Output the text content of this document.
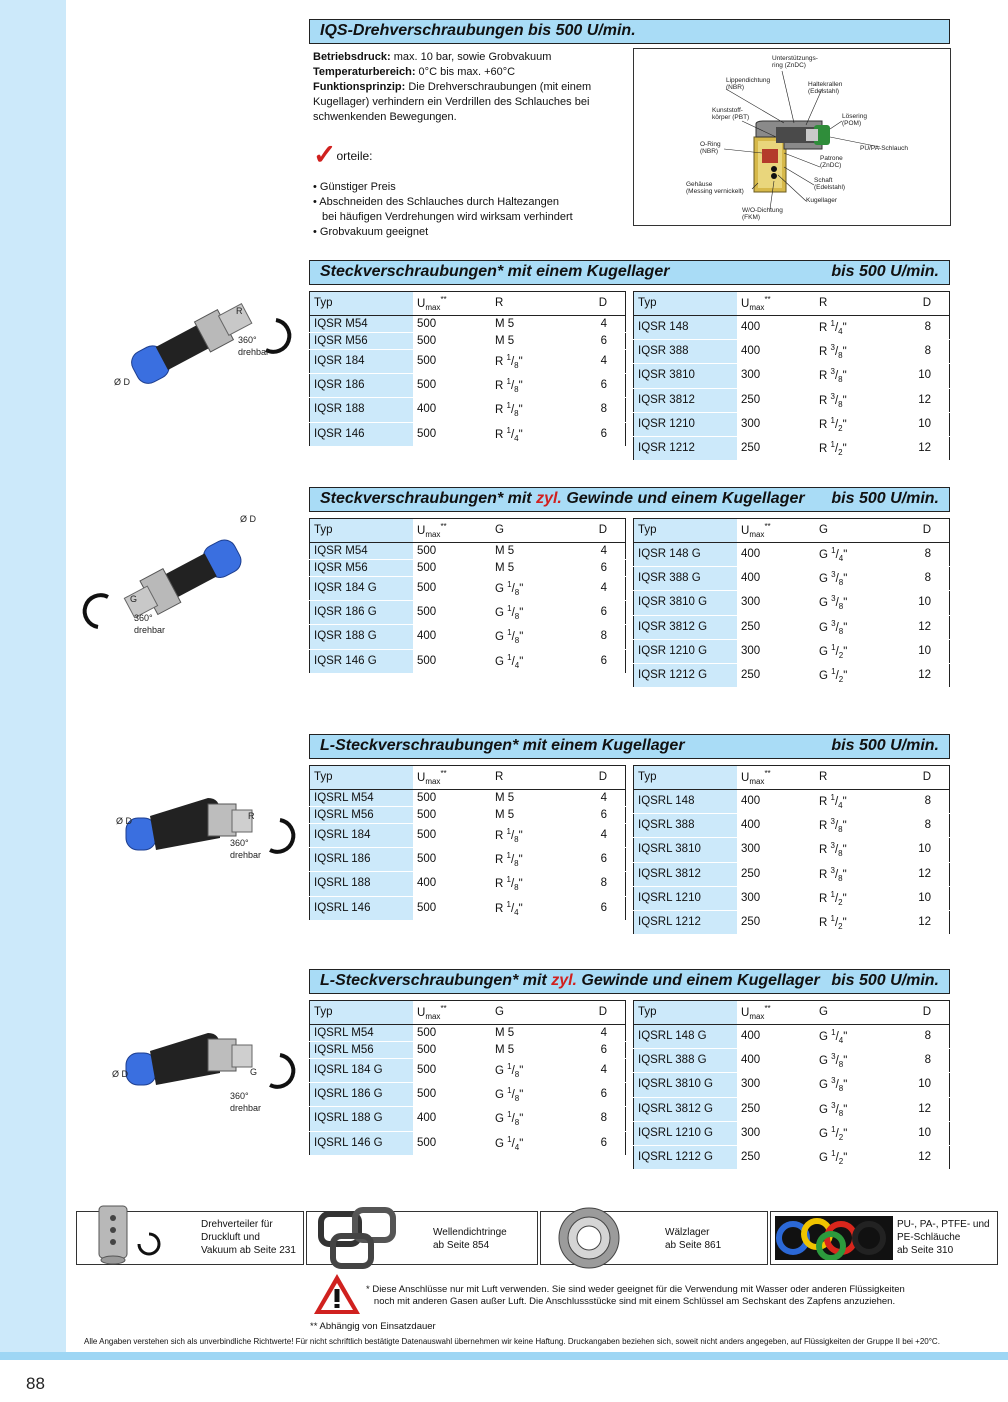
88
IQS-Drehverschraubungen bis 500 U/min.
Betriebsdruck: max. 10 bar, sowie Grobvakuum
Temperaturbereich: 0°C bis max. +60°C
Funktionsprinzip: Die Drehverschraubungen (mit einem Kugellager) verhindern ein Verdrillen des Schlauches bei schwenkenden Bewegungen.
✓orteile:
• Günstiger Preis
• Abschneiden des Schlauches durch Haltezangen
bei häufigen Verdrehungen wird wirksam verhindert
• Grobvakuum geeignet
Unterstützungs-
ring (ZnDC)
Lippendichtung
(NBR)	Haltekrallen
(Edelstahl)
Kunststoff-
körper (PBT)	Lösering
(POM)
O-Ring
(NBR)	PU/PA-Schlauch
Patrone
(ZnDC)
Schaft
(Edelstahl)
Gehäuse
(Messing vernickelt)
Kugellager
W/O-Dichtung
(FKM)
Steckverschraubungen* mit einem Kugellager	bis 500 U/min.
Typ	$U_{max}^{**}$	R	D
IQSR M54	500	M 5	4
IQSR M56	500	M 5	6
IQSR 184	500	R $^1/_8$"	4
IQSR 186	500	R $^1/_8$"	6
IQSR 188	400	R $^1/_8$"	8
IQSR 146	500	R $^1/_4$"	6
Typ	$U_{max}^{**}$	R	D
IQSR 148	400	R $^1/_4$"	8
IQSR 388	400	R $^3/_8$"	8
IQSR 3810	300	R $^3/_8$"	10
IQSR 3812	250	R $^3/_8$"	12
IQSR 1210	300	R $^1/_2$"	10
IQSR 1212	250	R $^1/_2$"	12
Ø D
R
360°
drehbar
Steckverschraubungen* mit zyl. Gewinde und einem Kugellager bis 500 U/min.
Typ	$U_{max}^{**}$	G	D
IQSR M54	500	M 5	4
IQSR M56	500	M 5	6
IQSR 184 G	500	G $^1/_8$"	4
IQSR 186 G	500	G $^1/_8$"	6
IQSR 188 G	400	G $^1/_8$"	8
IQSR 146 G	500	G $^1/_4$"	6
Typ	$U_{max}^{**}$	G	D
IQSR 148 G	400	G $^1/_4$"	8
IQSR 388 G	400	G $^3/_8$"	8
IQSR 3810 G	300	G $^3/_8$"	10
IQSR 3812 G	250	G $^3/_8$"	12
IQSR 1210 G	300	G $^1/_2$"	10
IQSR 1212 G	250	G $^1/_2$"	12
Ø D
G
360°
drehbar
L-Steckverschraubungen* mit einem Kugellager	bis 500 U/min.
Typ	$U_{max}^{**}$	R	D
IQSRL M54	500	M 5	4
IQSRL M56	500	M 5	6
IQSRL 184	500	R $^1/_8$"	4
IQSRL 186	500	R $^1/_8$"	6
IQSRL 188	400	R $^1/_8$"	8
IQSRL 146	500	R $^1/_4$"	6
Typ	$U_{max}^{**}$	R	D
IQSRL 148	400	R $^1/_4$"	8
IQSRL 388	400	R $^3/_8$"	8
IQSRL 3810	300	R $^3/_8$"	10
IQSRL 3812	250	R $^3/_8$"	12
IQSRL 1210	300	R $^1/_2$"	10
IQSRL 1212	250	R $^1/_2$"	12
Ø D	R
360°
drehbar
L-Steckverschraubungen* mit zyl. Gewinde und einem Kugellager bis 500 U/min.
Typ	$U_{max}^{**}$	G	D
IQSRL M54	500	M 5	4
IQSRL M56	500	M 5	6
IQSRL 184 G	500	G $^1/_8$"	4
IQSRL 186 G	500	G $^1/_8$"	6
IQSRL 188 G	400	G $^1/_8$"	8
IQSRL 146 G	500	G $^1/_4$"	6
Typ	$U_{max}^{**}$	G	D
IQSRL 148 G	400	G $^1/_4$"	8
IQSRL 388 G	400	G $^3/_8$"	8
IQSRL 3810 G	300	G $^3/_8$"	10
IQSRL 3812 G	250	G $^3/_8$"	12
IQSRL 1210 G	300	G $^1/_2$"	10
IQSRL 1212 G	250	G $^1/_2$"	12
Ø D	G
360°
drehbar
Drehverteiler für
Druckluft und
Vakuum ab Seite 231
Wellendichtringe
ab Seite 854
Wälzlager
ab Seite 861
PU-, PA-, PTFE- und
PE-Schläuche
ab Seite 310
* Diese Anschlüsse nur mit Luft verwenden. Sie sind weder geeignet für die Verwendung mit Wasser oder anderen Flüssigkeiten
noch mit anderen Gasen außer Luft. Die Anschlussstücke sind mit einem Schlüssel am Sechskant des Zapfens anzuziehen.
** Abhängig von Einsatzdauer
Alle Angaben verstehen sich als unverbindliche Richtwerte! Für nicht schriftlich bestätigte Datenauswahl übernehmen wir keine Haftung. Druckangaben beziehen sich, soweit nicht anders angegeben, auf Flüssigkeiten der Gruppe II bei +20°C.
